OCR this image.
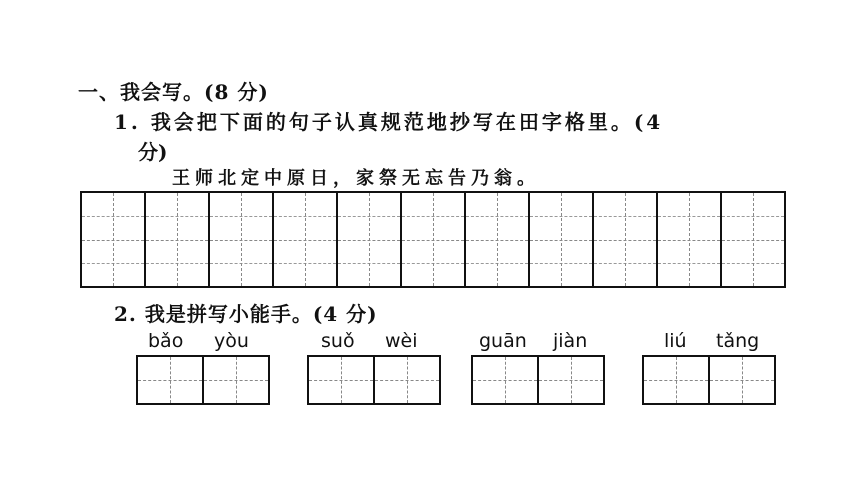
一、我会写。(8 分)
1. 我会把下面的句子认真规范地抄写在田字格里。(4
分)
王师北定中原日，家祭无忘告乃翁。
2. 我是拼写小能手。(4 分)
bǎo yòu	suǒ wèi	guān jiàn	liú tǎng
